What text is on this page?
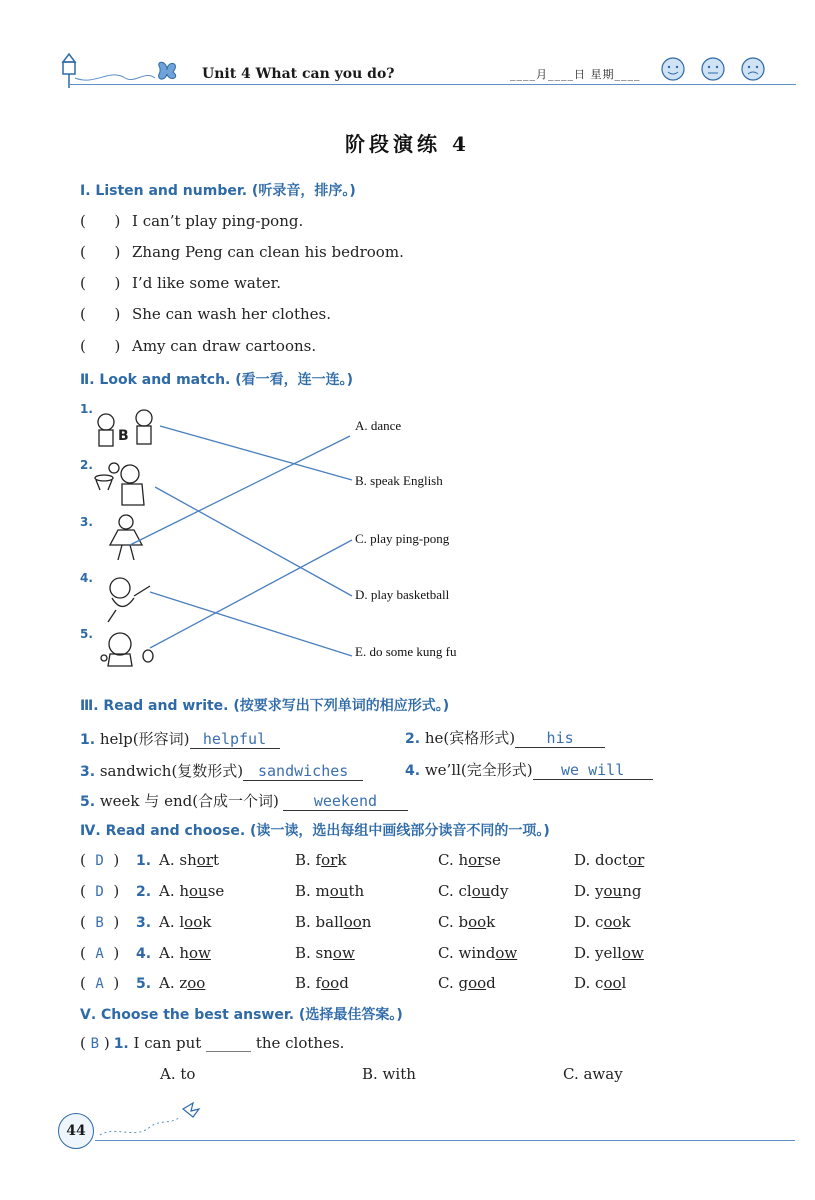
Unit 4 What can you do?	____月____日 星期____
阶段演练 4
Ⅰ. Listen and number. (听录音，排序。)
(      ) I can’t play ping-pong.
(      ) Zhang Peng can clean his bedroom.
(      ) I’d like some water.
(      ) She can wash her clothes.
(      ) Amy can draw cartoons.
Ⅱ. Look and match. (看一看，连一连。)
1.
2.
3.
4.
5.
B
A. dance
B. speak English
C. play ping-pong
D. play basketball
E. do some kung fu
Ⅲ. Read and write. (按要求写出下列单词的相应形式。)
1. help(形容词) helpful	2. he(宾格形式) his
3. sandwich(复数形式) sandwiches	4. we’ll(完全形式) we will
5. week 与 end(合成一个词) weekend
Ⅳ. Read and choose. (读一读，选出每组中画线部分读音不同的一项。)
(  D  ) 1. A. short	B. fork	C. horse	D. doctor
(  D  ) 2. A. house	B. mouth	C. cloudy	D. young
(  B  ) 3. A. look	B. balloon	C. book	D. cook
(  A  ) 4. A. how	B. snow	C. window	D. yellow
(  A  ) 5. A. zoo	B. food	C. good	D. cool
Ⅴ. Choose the best answer. (选择最佳答案。)
( B ) 1. I can put ______ the clothes.
A. to	B. with	C. away
44
